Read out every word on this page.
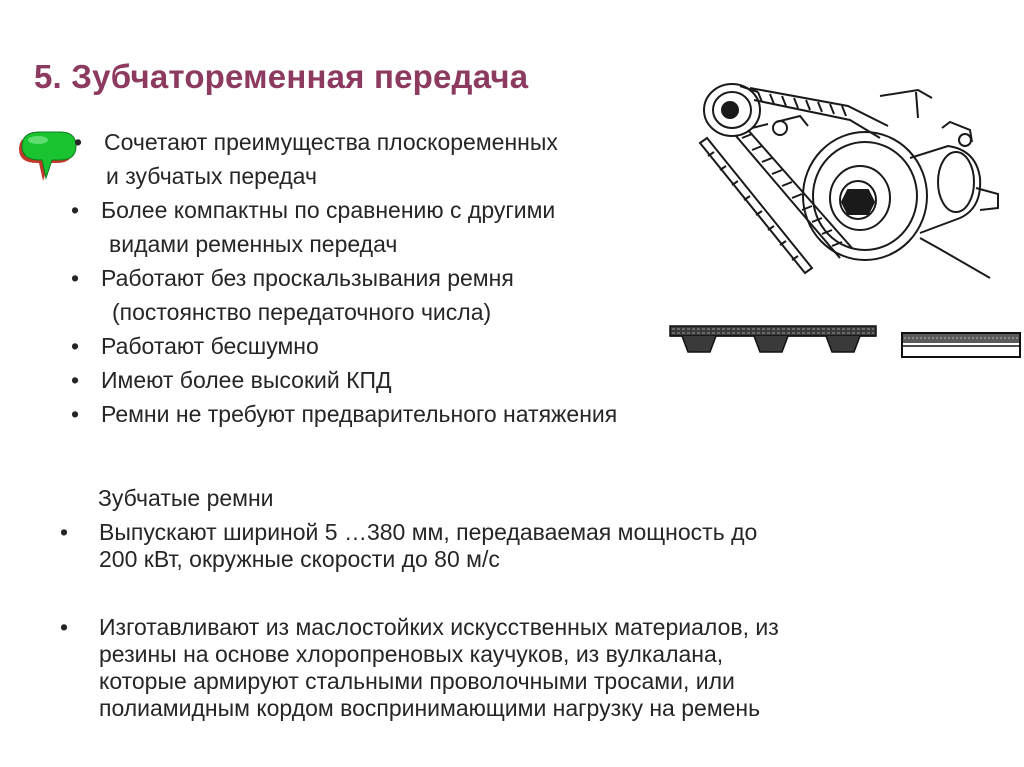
5. Зубчатоременная передача
• Сочетают преимущества плоскоременных
и зубчатых передач
• Более компактны по сравнению с другими
видами ременных передач
• Работают без проскальзывания ремня
(постоянство передаточного числа)
• Работают бесшумно
• Имеют более высокий КПД
• Ремни не требуют предварительного натяжения
Зубчатые ремни
• Выпускают шириной 5 …380 мм, передаваемая мощность до
200 кВт, окружные скорости до 80 м/с
• Изготавливают из маслостойких искусственных материалов, из
резины на основе хлоропреновых каучуков, из вулкалана,
которые армируют стальными проволочными тросами, или
полиамидным кордом воспринимающими нагрузку на ремень
